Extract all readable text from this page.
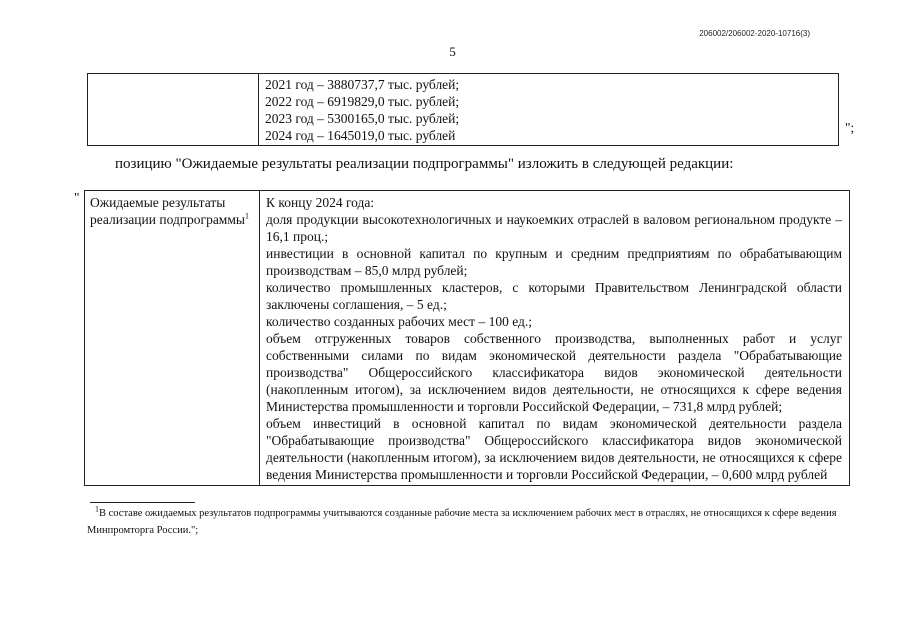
206002/206002-2020-10716(3)
5

2021 год – 3880737,7 тыс. рублей;
2022 год – 6919829,0 тыс. рублей;
2023 год – 5300165,0 тыс. рублей;
2024 год – 1645019,0 тыс. рублей
";
позицию "Ожидаемые результаты реализации подпрограммы" изложить в следующей редакции:
" Ожидаемые результаты реализации подпрограммы$^1$	

К концу 2024 года:

доля продукции высокотехнологичных и наукоемких отраслей в валовом региональном продукте – 16,1 проц.;

инвестиции в основной капитал по крупным и средним предприятиям по обрабатывающим производствам – 85,0 млрд рублей;

количество промышленных кластеров, с которыми Правительством Ленинградской области заключены соглашения, – 5 ед.;

количество созданных рабочих мест – 100 ед.;

объем отгруженных товаров собственного производства, выполненных работ и услуг собственными силами по видам экономической деятельности раздела "Обрабатывающие производства" Общероссийского классификатора видов экономической деятельности (накопленным итогом), за исключением видов деятельности, не относящихся к сфере ведения Министерства промышленности и торговли Российской Федерации, – 731,8 млрд рублей;

объем инвестиций в основной капитал по видам экономической деятельности раздела "Обрабатывающие производства" Общероссийского классификатора видов экономической деятельности (накопленным итогом), за исключением видов деятельности, не относящихся к сфере ведения Министерства промышленности и торговли Российской Федерации, – 0,600 млрд рублей

$^1$В составе ожидаемых результатов подпрограммы учитываются созданные рабочие места за исключением рабочих мест в отраслях, не относящихся к сфере ведения Минпромторга России.";
